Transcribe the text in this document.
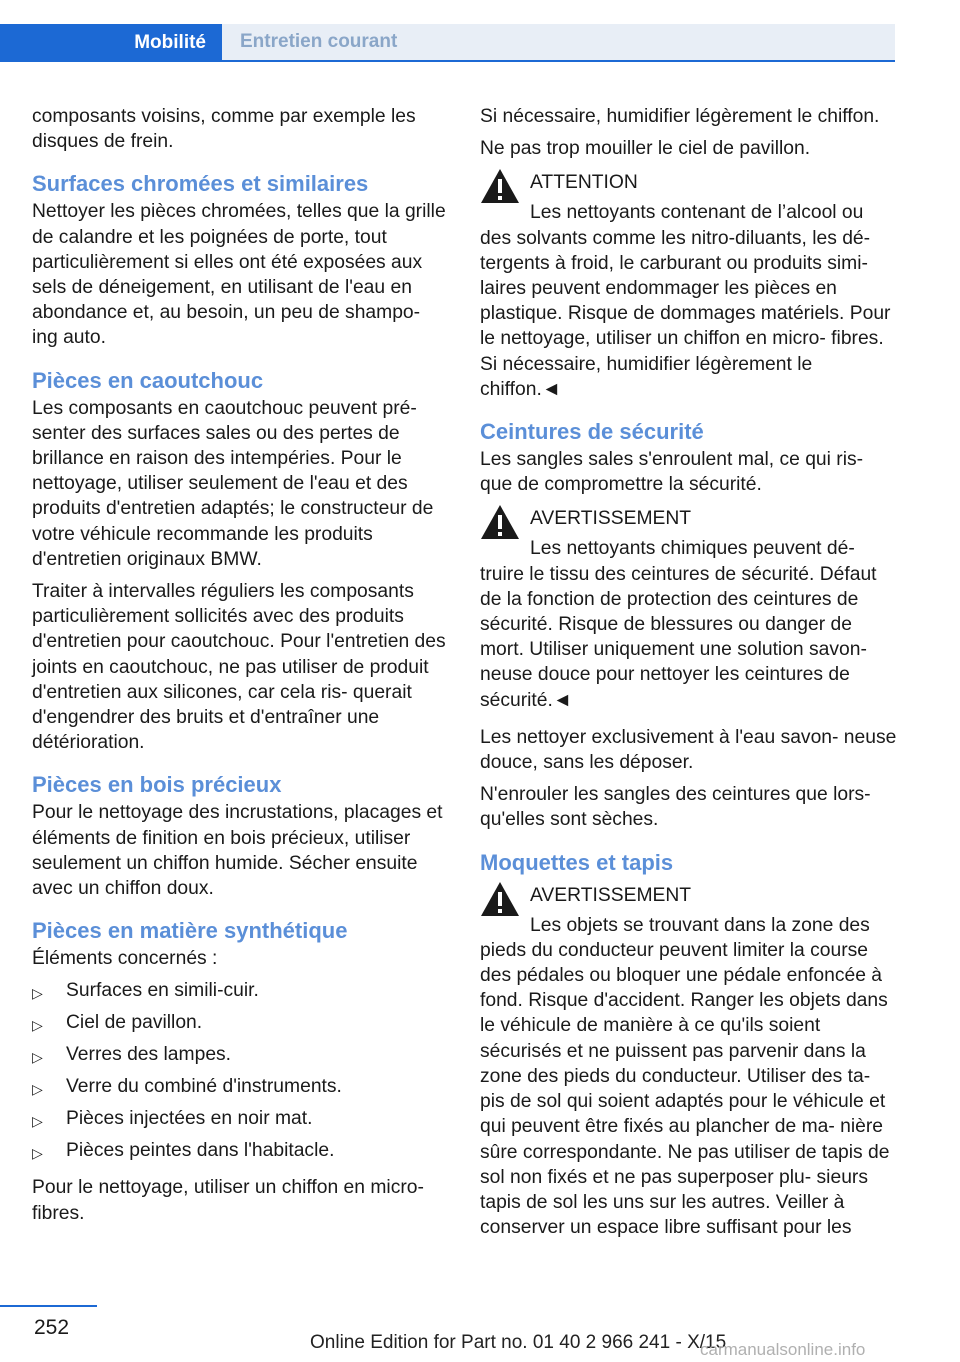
Mobilité	Entretien courant

composants voisins, comme par exemple les disques de frein.

Surfaces chromées et similaires

Nettoyer les pièces chromées, telles que la grille de calandre et les poignées de porte, tout particulièrement si elles ont été exposées aux sels de déneigement, en utilisant de l'eau en abondance et, au besoin, un peu de shampo‐ ing auto.

Pièces en caoutchouc

Les composants en caoutchouc peuvent pré‐ senter des surfaces sales ou des pertes de brillance en raison des intempéries. Pour le nettoyage, utiliser seulement de l'eau et des produits d'entretien adaptés; le constructeur de votre véhicule recommande les produits d'entretien originaux BMW.

Traiter à intervalles réguliers les composants particulièrement sollicités avec des produits d'entretien pour caoutchouc. Pour l'entretien des joints en caoutchouc, ne pas utiliser de produit d'entretien aux silicones, car cela ris‐ querait d'engendrer des bruits et d'entraîner une détérioration.

Pièces en bois précieux

Pour le nettoyage des incrustations, placages et éléments de finition en bois précieux, utiliser seulement un chiffon humide. Sécher ensuite avec un chiffon doux.

Pièces en matière synthétique

Éléments concernés :

▷ Surfaces en simili-cuir.
▷ Ciel de pavillon.
▷ Verres des lampes.
▷ Verre du combiné d'instruments.
▷ Pièces injectées en noir mat.
▷ Pièces peintes dans l'habitacle.

Pour le nettoyage, utiliser un chiffon en micro‐ fibres.

Si nécessaire, humidifier légèrement le chiffon.

Ne pas trop mouiller le ciel de pavillon.

ATTENTION
Les nettoyants contenant de l’alcool ou
des solvants comme les nitro-diluants, les dé‐ tergents à froid, le carburant ou produits simi‐ laires peuvent endommager les pièces en plastique. Risque de dommages matériels. Pour le nettoyage, utiliser un chiffon en micro‐ fibres. Si nécessaire, humidifier légèrement le chiffon.◄
Ceintures de sécurité

Les sangles sales s'enroulent mal, ce qui ris‐ que de compromettre la sécurité.

AVERTISSEMENT
Les nettoyants chimiques peuvent dé‐
truire le tissu des ceintures de sécurité. Défaut de la fonction de protection des ceintures de sécurité. Risque de blessures ou danger de mort. Utiliser uniquement une solution savon‐ neuse douce pour nettoyer les ceintures de sécurité.◄

Les nettoyer exclusivement à l'eau savon‐ neuse douce, sans les déposer.

N'enrouler les sangles des ceintures que lors‐ qu'elles sont sèches.

Moquettes et tapis
AVERTISSEMENT
Les objets se trouvant dans la zone des
pieds du conducteur peuvent limiter la course des pédales ou bloquer une pédale enfoncée à fond. Risque d'accident. Ranger les objets dans le véhicule de manière à ce qu'ils soient sécurisés et ne puissent pas parvenir dans la zone des pieds du conducteur. Utiliser des ta‐ pis de sol qui soient adaptés pour le véhicule et qui peuvent être fixés au plancher de ma‐ nière sûre correspondante. Ne pas utiliser de tapis de sol non fixés et ne pas superposer plu‐ sieurs tapis de sol les uns sur les autres. Veiller à conserver un espace libre suffisant pour les
252
Online Edition for Part no. 01 40 2 966 241 - X/15
carmanualsonline.info
